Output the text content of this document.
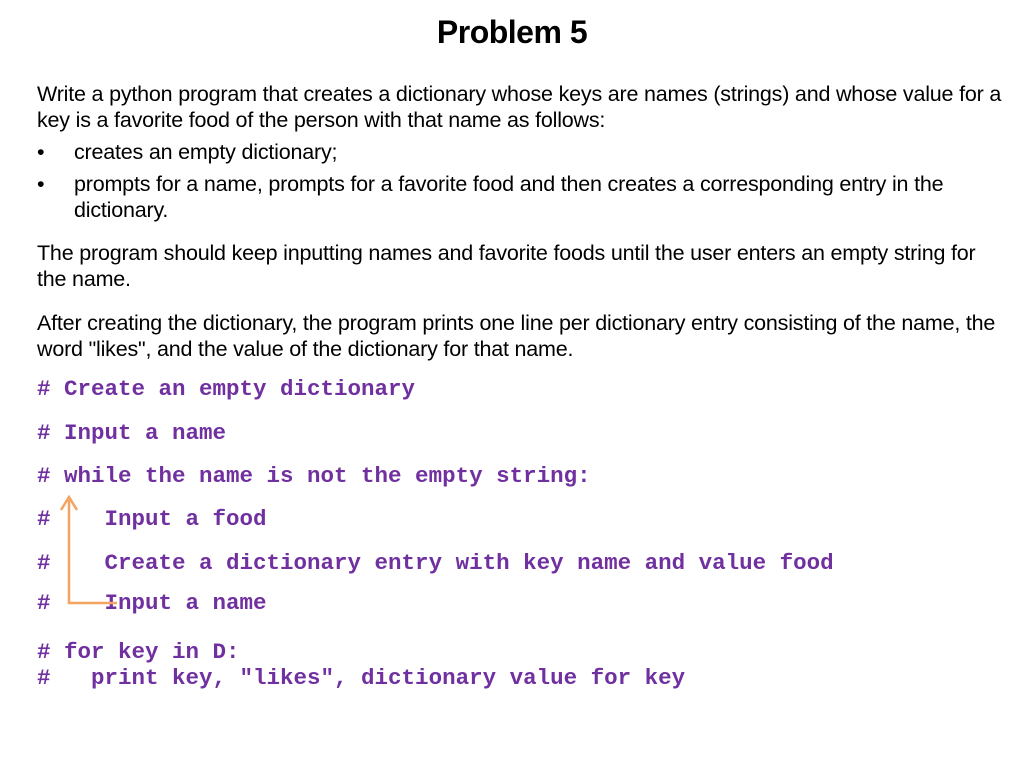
Problem 5

Write a python program that creates a dictionary whose keys are names (strings) and whose value for a key is a favorite food of the person with that name as follows:

• creates an empty dictionary;
• prompts for a name, prompts for a favorite food and then creates a corresponding entry in the dictionary.

The program should keep inputting names and favorite foods until the user enters an empty string for the name.

After creating the dictionary, the program prints one line per dictionary entry consisting of the name, the word "likes", and the value of the dictionary for that name.

# Create an empty dictionary
# Input a name
# while the name is not the empty string:
#    Input a food
#    Create a dictionary entry with key name and value food
#    Input a name
# for key in D:
#   print key, "likes", dictionary value for key
